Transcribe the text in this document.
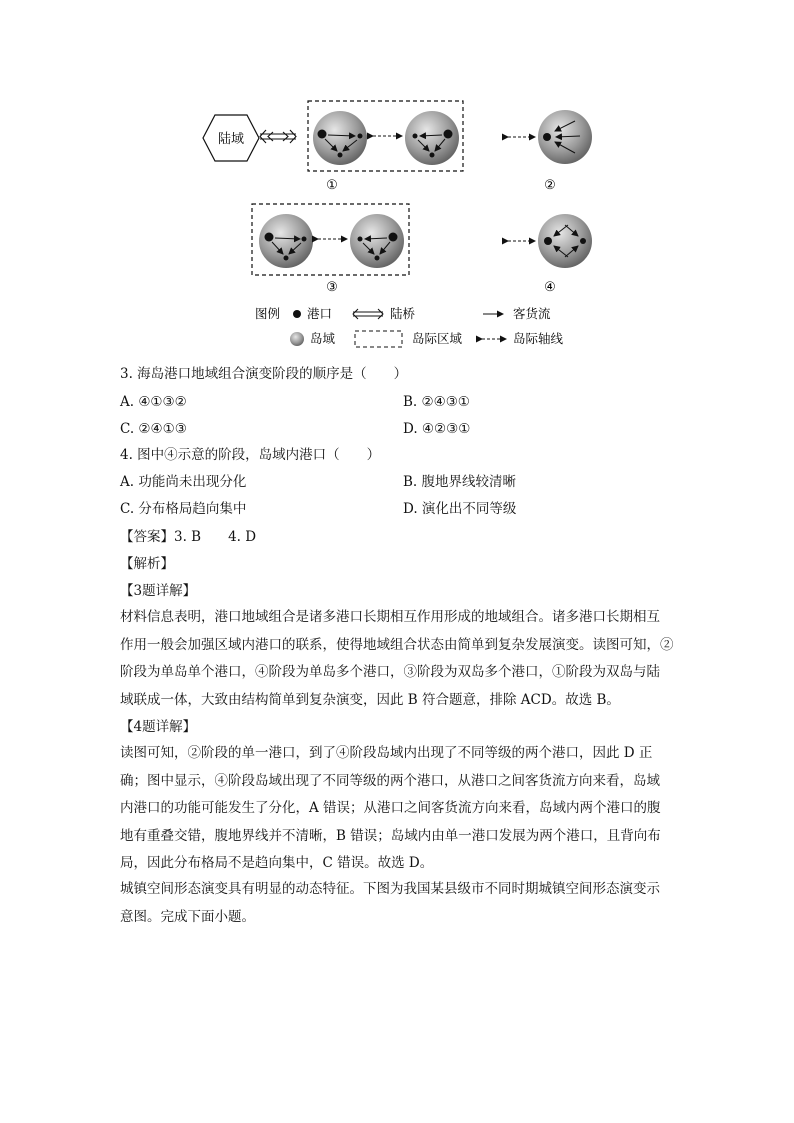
陆域
①	②
③	④
图例 港口	陆桥	客货流
岛域	岛际区域	岛际轴线
3. 海岛港口地域组合演变阶段的顺序是（　　）
A. ④①③②	B. ②④③①
C. ②④①③	D. ④②③①
4. 图中④示意的阶段，岛域内港口（　　）
A. 功能尚未出现分化	B. 腹地界线较清晰
C. 分布格局趋向集中	D. 演化出不同等级
【答案】3. B　　4. D
【解析】
【3题详解】
材料信息表明，港口地域组合是诸多港口长期相互作用形成的地域组合。诸多港口长期相互
作用一般会加强区域内港口的联系，使得地域组合状态由简单到复杂发展演变。读图可知，②
阶段为单岛单个港口，④阶段为单岛多个港口，③阶段为双岛多个港口，①阶段为双岛与陆
域联成一体，大致由结构简单到复杂演变，因此 B 符合题意，排除 ACD。故选 B。
【4题详解】
读图可知，②阶段的单一港口，到了④阶段岛域内出现了不同等级的两个港口，因此 D 正
确；图中显示，④阶段岛域出现了不同等级的两个港口，从港口之间客货流方向来看，岛域
内港口的功能可能发生了分化，A 错误；从港口之间客货流方向来看，岛域内两个港口的腹
地有重叠交错，腹地界线并不清晰，B 错误；岛域内由单一港口发展为两个港口，且背向布
局，因此分布格局不是趋向集中，C 错误。故选 D。
城镇空间形态演变具有明显的动态特征。下图为我国某县级市不同时期城镇空间形态演变示
意图。完成下面小题。
